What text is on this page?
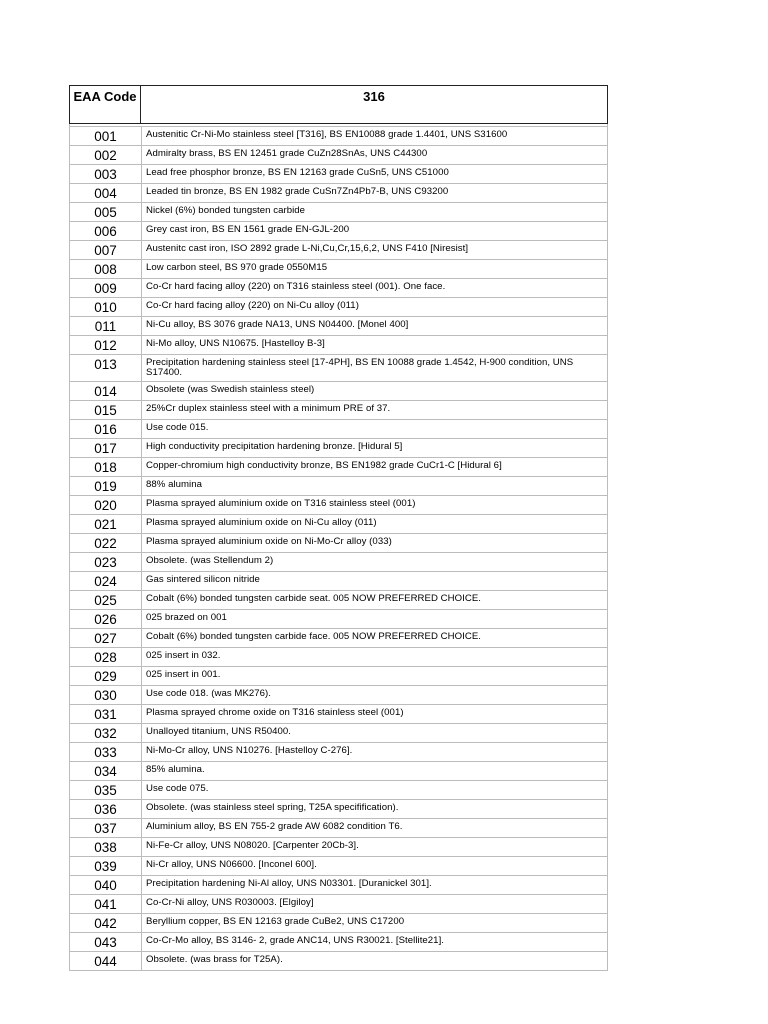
EAA Code	316
001	Austenitic Cr-Ni-Mo stainless steel [T316], BS EN10088 grade 1.4401, UNS S31600
002	Admiralty brass, BS EN 12451 grade CuZn28SnAs, UNS C44300
003	Lead free phosphor bronze, BS EN 12163 grade CuSn5, UNS C51000
004	Leaded tin bronze, BS EN 1982 grade CuSn7Zn4Pb7-B, UNS C93200
005	Nickel (6%) bonded tungsten carbide
006	Grey cast iron, BS EN 1561 grade EN-GJL-200
007	Austenitc cast iron, ISO 2892 grade L-Ni,Cu,Cr,15,6,2, UNS F410 [Niresist]
008	Low carbon steel, BS 970 grade 0550M15
009	Co-Cr hard facing alloy (220) on T316 stainless steel (001). One face.
010	Co-Cr hard facing alloy (220) on Ni-Cu alloy (011)
011	Ni-Cu alloy, BS 3076 grade NA13, UNS N04400. [Monel 400]
012	Ni-Mo alloy, UNS N10675. [Hastelloy B-3]
013	Precipitation hardening stainless steel [17-4PH], BS EN 10088 grade 1.4542, H-900 condition, UNS S17400.
014	Obsolete (was Swedish stainless steel)
015	25%Cr duplex stainless steel with a minimum PRE of 37.
016	Use code 015.
017	High conductivity precipitation hardening bronze. [Hidural 5]
018	Copper-chromium high conductivity bronze, BS EN1982 grade CuCr1-C [Hidural 6]
019	88% alumina
020	Plasma sprayed aluminium oxide on T316 stainless steel (001)
021	Plasma sprayed aluminium oxide on Ni-Cu alloy (011)
022	Plasma sprayed aluminium oxide on Ni-Mo-Cr alloy (033)
023	Obsolete. (was Stellendum 2)
024	Gas sintered silicon nitride
025	Cobalt (6%) bonded tungsten carbide seat. 005 NOW PREFERRED CHOICE.
026	025 brazed on 001
027	Cobalt (6%) bonded tungsten carbide face. 005 NOW PREFERRED CHOICE.
028	025 insert in 032.
029	025 insert in 001.
030	Use code 018. (was MK276).
031	Plasma sprayed chrome oxide on T316 stainless steel (001)
032	Unalloyed titanium, UNS R50400.
033	Ni-Mo-Cr alloy, UNS N10276. [Hastelloy C-276].
034	85% alumina.
035	Use code 075.
036	Obsolete. (was stainless steel spring, T25A specifification).
037	Aluminium alloy, BS EN 755-2 grade AW 6082 condition T6.
038	Ni-Fe-Cr alloy, UNS N08020. [Carpenter 20Cb-3].
039	Ni-Cr alloy, UNS N06600. [Inconel 600].
040	Precipitation hardening Ni-Al alloy, UNS N03301. [Duranickel 301].
041	Co-Cr-Ni alloy, UNS R030003. [Elgiloy]
042	Beryllium copper, BS EN 12163 grade CuBe2, UNS C17200
043	Co-Cr-Mo alloy, BS 3146- 2, grade ANC14, UNS R30021. [Stellite21].
044	Obsolete. (was brass for T25A).
